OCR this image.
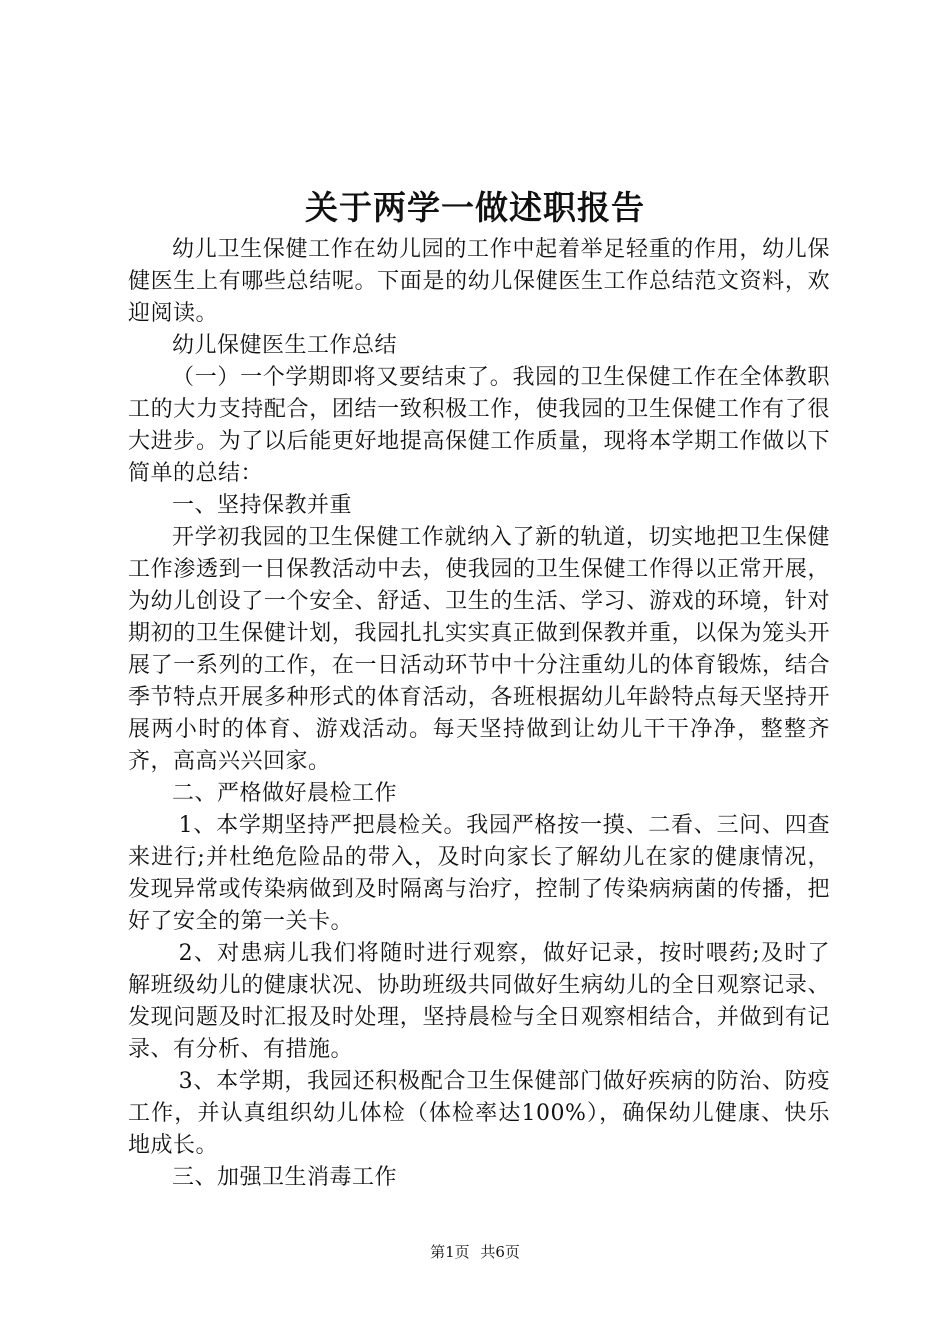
关于两学一做述职报告

幼儿卫生保健工作在幼儿园的工作中起着举足轻重的作用，幼儿保健医生上有哪些总结呢。下面是的幼儿保健医生工作总结范文资料，欢迎阅读。

幼儿保健医生工作总结

（一）一个学期即将又要结束了。我园的卫生保健工作在全体教职工的大力支持配合，团结一致积极工作，使我园的卫生保健工作有了很大进步。为了以后能更好地提高保健工作质量，现将本学期工作做以下简单的总结：

一、坚持保教并重

开学初我园的卫生保健工作就纳入了新的轨道，切实地把卫生保健工作渗透到一日保教活动中去，使我园的卫生保健工作得以正常开展，为幼儿创设了一个安全、舒适、卫生的生活、学习、游戏的环境，针对期初的卫生保健计划，我园扎扎实实真正做到保教并重，以保为笼头开展了一系列的工作，在一日活动环节中十分注重幼儿的体育锻炼，结合季节特点开展多种形式的体育活动，各班根据幼儿年龄特点每天坚持开展两小时的体育、游戏活动。每天坚持做到让幼儿干干净净，整整齐齐，高高兴兴回家。

二、严格做好晨检工作

1、本学期坚持严把晨检关。我园严格按一摸、二看、三问、四查来进行;并杜绝危险品的带入，及时向家长了解幼儿在家的健康情况，发现异常或传染病做到及时隔离与治疗，控制了传染病病菌的传播，把好了安全的第一关卡。

2、对患病儿我们将随时进行观察，做好记录，按时喂药;及时了解班级幼儿的健康状况、协助班级共同做好生病幼儿的全日观察记录、发现问题及时汇报及时处理，坚持晨检与全日观察相结合，并做到有记录、有分析、有措施。

3、本学期，我园还积极配合卫生保健部门做好疾病的防治、防疫工作，并认真组织幼儿体检（体检率达100%），确保幼儿健康、快乐地成长。

三、加强卫生消毒工作

第1页 共6页
